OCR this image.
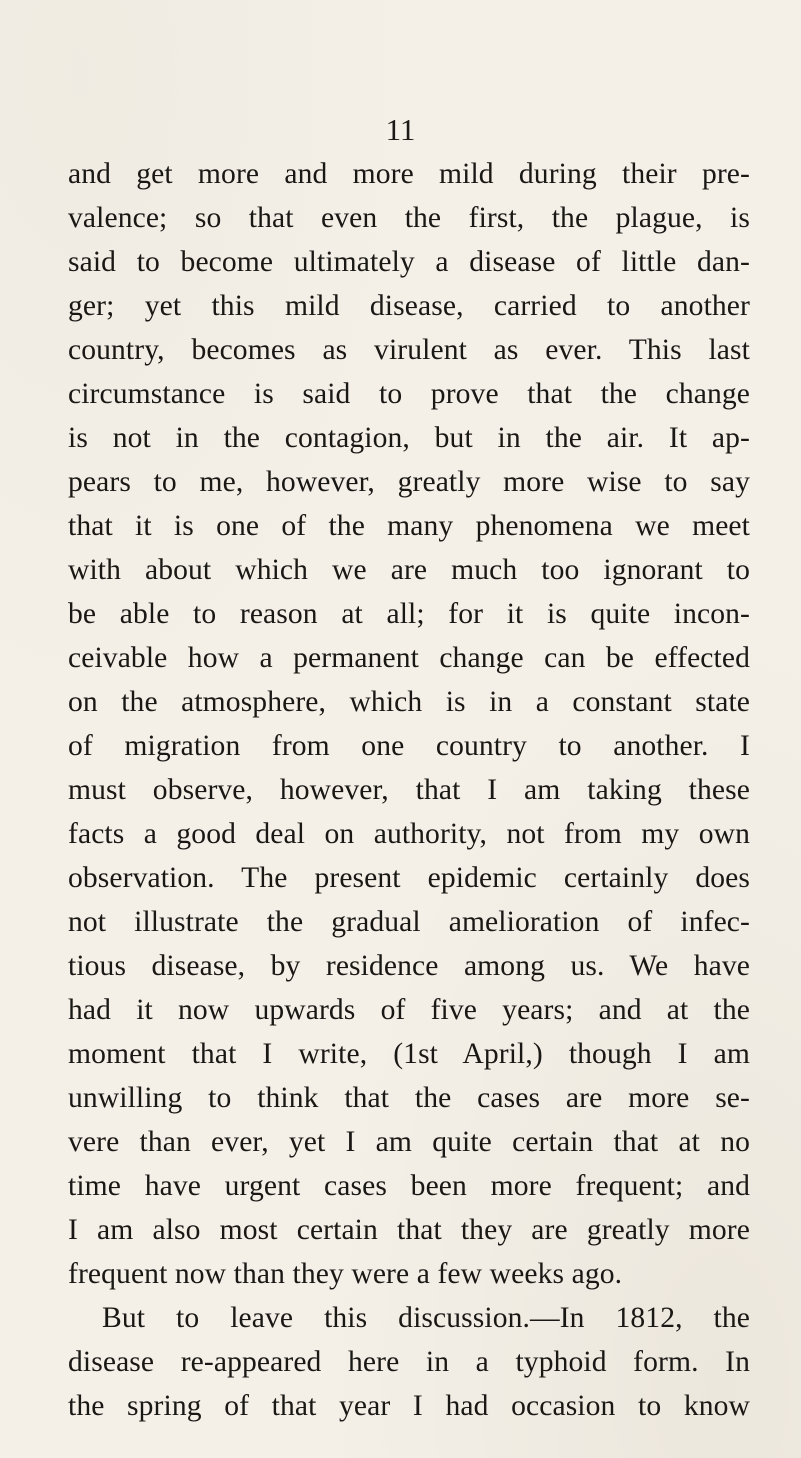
11
and get more and more mild during their pre-
valence; so that even the first, the plague, is
said to become ultimately a disease of little dan-
ger; yet this mild disease, carried to another
country, becomes as virulent as ever. This last
circumstance is said to prove that the change
is not in the contagion, but in the air. It ap-
pears to me, however, greatly more wise to say
that it is one of the many phenomena we meet
with about which we are much too ignorant to
be able to reason at all; for it is quite incon-
ceivable how a permanent change can be effected
on the atmosphere, which is in a constant state
of migration from one country to another. I
must observe, however, that I am taking these
facts a good deal on authority, not from my own
observation. The present epidemic certainly does
not illustrate the gradual amelioration of infec-
tious disease, by residence among us. We have
had it now upwards of five years; and at the
moment that I write, (1st April,) though I am
unwilling to think that the cases are more se-
vere than ever, yet I am quite certain that at no
time have urgent cases been more frequent; and
I am also most certain that they are greatly more
frequent now than they were a few weeks ago.
But to leave this discussion.—In 1812, the
disease re-appeared here in a typhoid form. In
the spring of that year I had occasion to know
